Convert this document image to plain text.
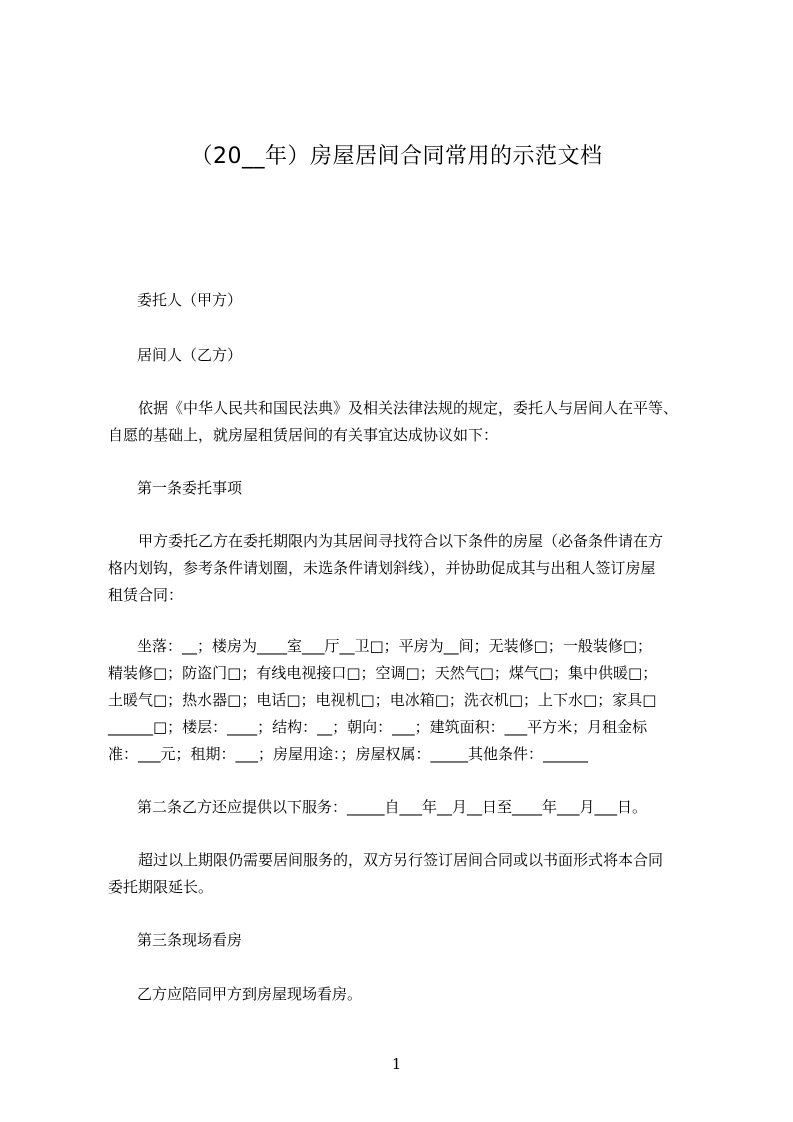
（20__年）房屋居间合同常用的示范文档
委托人（甲方）
居间人（乙方）
依据《中华人民共和国民法典》及相关法律法规的规定，委托人与居间人在平等、
自愿的基础上，就房屋租赁居间的有关事宜达成协议如下：
第一条委托事项
甲方委托乙方在委托期限内为其居间寻找符合以下条件的房屋（必备条件请在方
格内划钩，参考条件请划圈，未选条件请划斜线），并协助促成其与出租人签订房屋
租赁合同：
坐落：__；楼房为____室___厅__卫□；平房为__间；无装修□；一般装修□；
精装修□；防盗门□；有线电视接口□；空调□；天然气□；煤气□；集中供暖□；
土暖气□；热水器□；电话□；电视机□；电冰箱□；洗衣机□；上下水□；家具□
______□；楼层：____；结构：__；朝向：___；建筑面积：___平方米；月租金标
准：___元；租期：___；房屋用途：；房屋权属：_____其他条件：______
第二条乙方还应提供以下服务：_____自___年__月__日至____年___月___日。
超过以上期限仍需要居间服务的，双方另行签订居间合同或以书面形式将本合同
委托期限延长。
第三条现场看房
乙方应陪同甲方到房屋现场看房。
1
